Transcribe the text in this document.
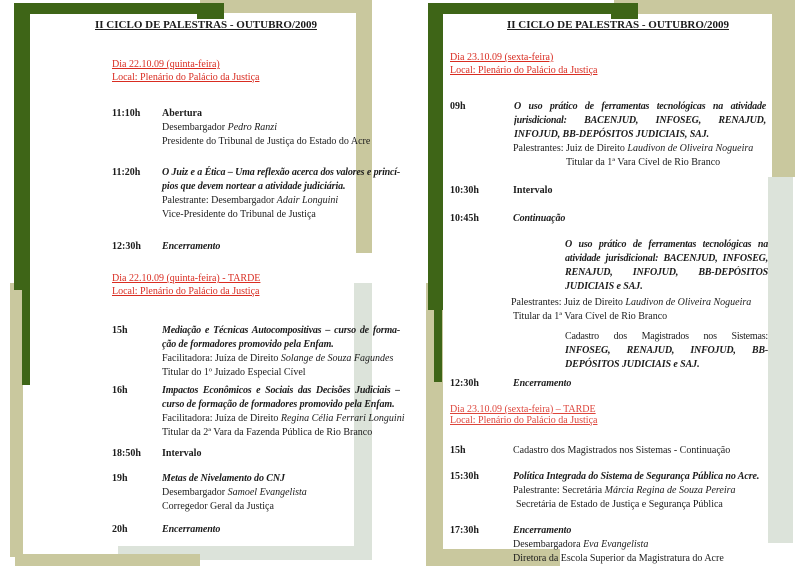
II CICLO DE PALESTRAS - OUTUBRO/2009
Dia 22.10.09 (quinta-feira)
Local: Plenário do Palácio da Justiça
11:10h Abertura
Desembargador Pedro Ranzi
Presidente do Tribunal de Justiça do Estado do Acre
11:20h O Juiz e a Ética – Uma reflexão acerca dos valores e princí-
pios que devem nortear a atividade judiciária.
Palestrante: Desembargador Adair Longuini
Vice-Presidente do Tribunal de Justiça
12:30h Encerramento
Dia 22.10.09 (quinta-feira) - TARDE
Local: Plenário do Palácio da Justiça
15h	Mediação e Técnicas Autocompositivas – curso de forma-
ção de formadores promovido pela Enfam.
Facilitadora: Juíza de Direito Solange de Souza Fagundes
Titular do 1º Juizado Especial Cível
16h	Impactos Econômicos e Sociais das Decisões Judiciais –
curso de formação de formadores promovido pela Enfam.
Facilitadora: Juíza de Direito Regina Célia Ferrari Longuini
Titular da 2ª Vara da Fazenda Pública de Rio Branco
18:50h Intervalo
19h	Metas de Nivelamento do CNJ
Desembargador Samoel Evangelista
Corregedor Geral da Justiça
20h	Encerramento
II CICLO DE PALESTRAS - OUTUBRO/2009
Dia 23.10.09 (sexta-feira)
Local: Plenário do Palácio da Justiça
09h	O uso prático de ferramentas tecnológicas na atividade
jurisdicional: BACENJUD, INFOSEG, RENAJUD,
INFOJUD, BB-DEPÓSITOS JUDICIAIS, SAJ.
Palestrantes: Juiz de Direito Laudivon de Oliveira Nogueira
Titular da 1ª Vara Cível de Rio Branco
10:30h	Intervalo
10:45h	Continuação
• O uso prático de ferramentas tecnológicas na
atividade jurisdicional: BACENJUD, INFOSEG,
RENAJUD, INFOJUD, BB-DEPÓSITOS
JUDICIAIS e SAJ.
Palestrantes: Juiz de Direito Laudivon de Oliveira Nogueira
Titular da 1ª Vara Cível de Rio Branco
• Cadastro dos Magistrados nos Sistemas:
INFOSEG, RENAJUD, INFOJUD, BB-
DEPÓSITOS JUDICIAIS e SAJ.
12:30h	Encerramento
Dia 23.10.09 (sexta-feira) – TARDE
Local: Plenário do Palácio da Justiça
15h	Cadastro dos Magistrados nos Sistemas - Continuação
15:30h	Política Integrada do Sistema de Segurança Pública no Acre.
Palestrante: Secretária Márcia Regina de Souza Pereira
Secretária de Estado de Justiça e Segurança Pública
17:30h	Encerramento
Desembargadora Eva Evangelista
Diretora da Escola Superior da Magistratura do Acre
